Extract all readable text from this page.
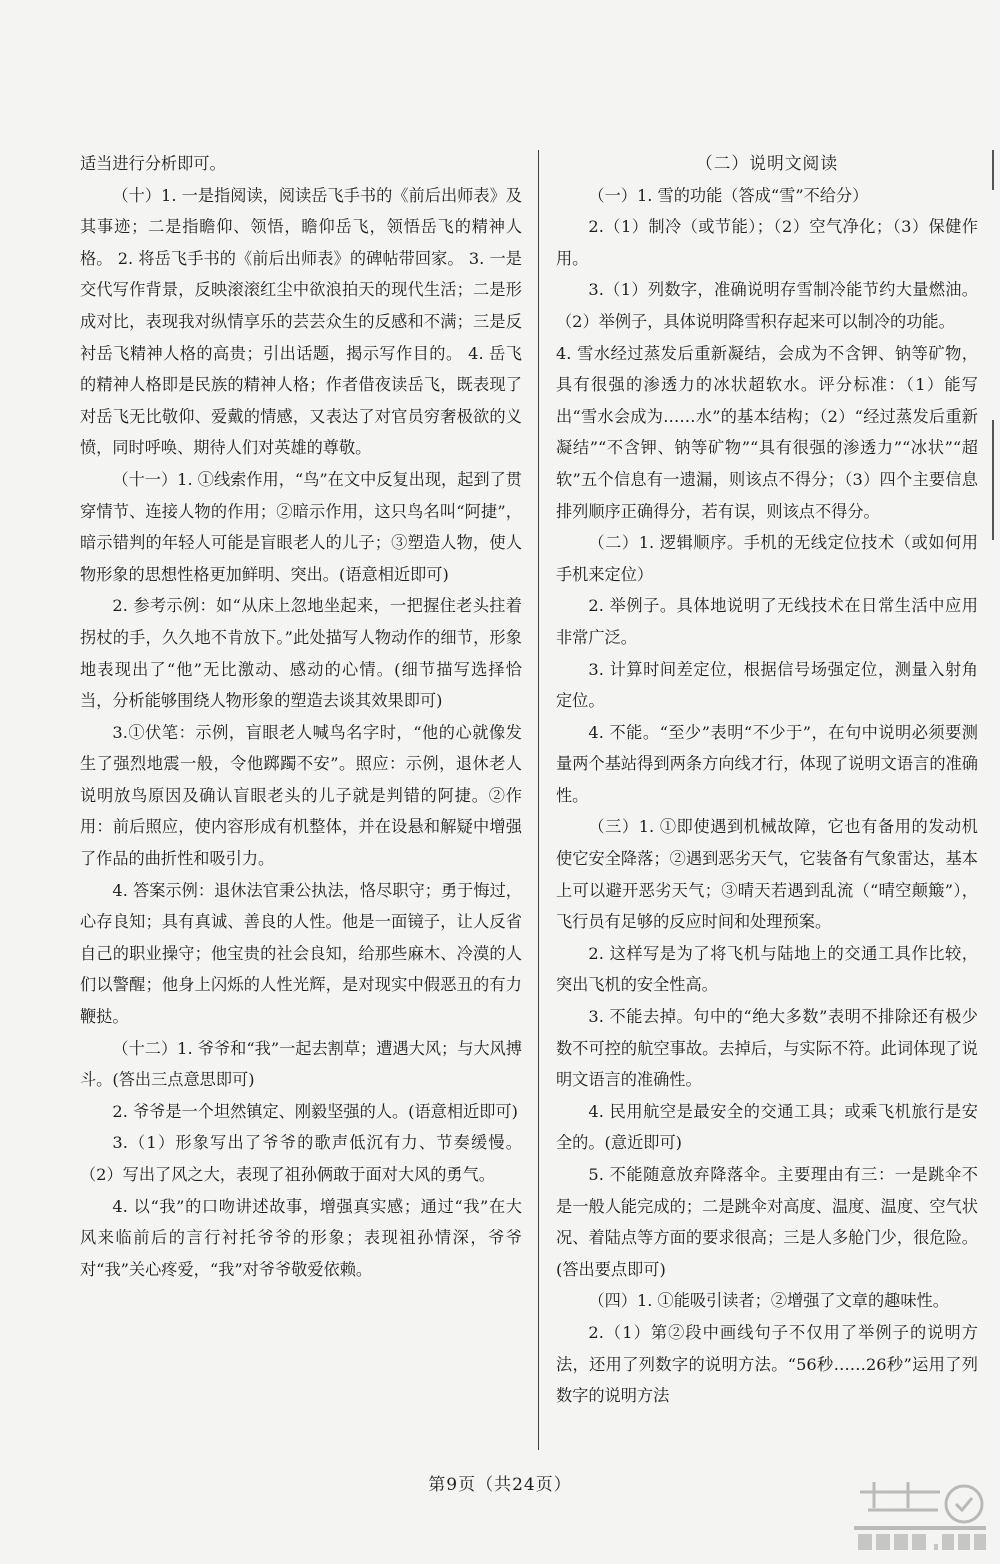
适当进行分析即可。

（十）1. 一是指阅读，阅读岳飞手书的《前后出师表》及其事迹；二是指瞻仰、领悟，瞻仰岳飞，领悟岳飞的精神人格。 2. 将岳飞手书的《前后出师表》的碑帖带回家。 3. 一是交代写作背景，反映滚滚红尘中欲浪拍天的现代生活；二是形成对比，表现我对纵情享乐的芸芸众生的反感和不满；三是反衬岳飞精神人格的高贵；引出话题，揭示写作目的。 4. 岳飞的精神人格即是民族的精神人格；作者借夜读岳飞，既表现了对岳飞无比敬仰、爱戴的情感，又表达了对官员穷奢极欲的义愤，同时呼唤、期待人们对英雄的尊敬。

（十一）1. ①线索作用，“鸟”在文中反复出现，起到了贯穿情节、连接人物的作用；②暗示作用，这只鸟名叫“阿捷”，暗示错判的年轻人可能是盲眼老人的儿子；③塑造人物，使人物形象的思想性格更加鲜明、突出。(语意相近即可)

2. 参考示例：如“从床上忽地坐起来，一把握住老头拄着拐杖的手，久久地不肯放下。”此处描写人物动作的细节，形象地表现出了“他”无比激动、感动的心情。(细节描写选择恰当，分析能够围绕人物形象的塑造去谈其效果即可)

3.①伏笔：示例，盲眼老人喊鸟名字时，“他的心就像发生了强烈地震一般，令他踯躅不安”。照应：示例，退休老人说明放鸟原因及确认盲眼老头的儿子就是判错的阿捷。②作用：前后照应，使内容形成有机整体，并在设悬和解疑中增强了作品的曲折性和吸引力。

4. 答案示例：退休法官秉公执法，恪尽职守；勇于悔过，心存良知；具有真诚、善良的人性。他是一面镜子，让人反省自己的职业操守；他宝贵的社会良知，给那些麻木、冷漠的人们以警醒；他身上闪烁的人性光辉，是对现实中假恶丑的有力鞭挞。

（十二）1. 爷爷和“我”一起去割草；遭遇大风；与大风搏斗。(答出三点意思即可)

2. 爷爷是一个坦然镇定、刚毅坚强的人。(语意相近即可)

3.（1）形象写出了爷爷的歌声低沉有力、节奏缓慢。 （2）写出了风之大，表现了祖孙俩敢于面对大风的勇气。

4. 以“我”的口吻讲述故事，增强真实感；通过“我”在大风来临前后的言行衬托爷爷的形象；表现祖孙情深，爷爷对“我”关心疼爱，“我”对爷爷敬爱依赖。

（二）说明文阅读

（一）1. 雪的功能（答成“雪”不给分）

2.（1）制冷（或节能）；（2）空气净化；（3）保健作用。

3.（1）列数字，准确说明存雪制冷能节约大量燃油。（2）举例子，具体说明降雪积存起来可以制冷的功能。

4. 雪水经过蒸发后重新凝结，会成为不含钾、钠等矿物，具有很强的渗透力的冰状超软水。评分标准：（1）能写出“雪水会成为……水”的基本结构；（2）“经过蒸发后重新凝结”“不含钾、钠等矿物”“具有很强的渗透力”“冰状”“超软”五个信息有一遗漏，则该点不得分；（3）四个主要信息排列顺序正确得分，若有误，则该点不得分。

（二）1. 逻辑顺序。手机的无线定位技术（或如何用手机来定位）

2. 举例子。具体地说明了无线技术在日常生活中应用非常广泛。

3. 计算时间差定位，根据信号场强定位，测量入射角定位。

4. 不能。“至少”表明“不少于”，在句中说明必须要测量两个基站得到两条方向线才行，体现了说明文语言的准确性。

（三）1. ①即使遇到机械故障，它也有备用的发动机使它安全降落；②遇到恶劣天气，它装备有气象雷达，基本上可以避开恶劣天气；③晴天若遇到乱流（“晴空颠簸”），飞行员有足够的反应时间和处理预案。

2. 这样写是为了将飞机与陆地上的交通工具作比较，突出飞机的安全性高。

3. 不能去掉。句中的“绝大多数”表明不排除还有极少数不可控的航空事故。去掉后，与实际不符。此词体现了说明文语言的准确性。

4. 民用航空是最安全的交通工具；或乘飞机旅行是安全的。(意近即可)

5. 不能随意放弃降落伞。主要理由有三：一是跳伞不是一般人能完成的；二是跳伞对高度、温度、温度、空气状况、着陆点等方面的要求很高；三是人多舱门少，很危险。(答出要点即可)

（四）1. ①能吸引读者；②增强了文章的趣味性。

2.（1）第②段中画线句子不仅用了举例子的说明方法，还用了列数字的说明方法。“56秒……26秒”运用了列数字的说明方法

第9页（共24页）
